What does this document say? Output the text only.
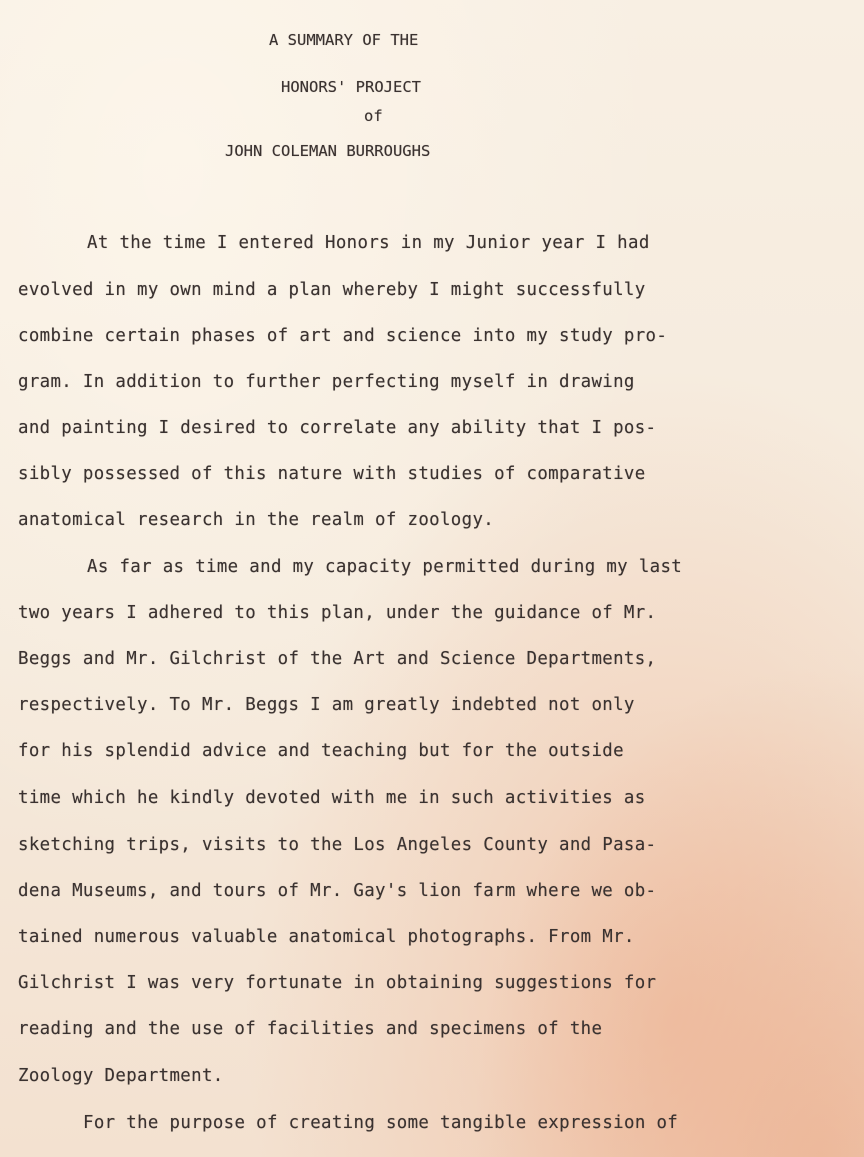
A SUMMARY OF THE
HONORS' PROJECT
of
JOHN COLEMAN BURROUGHS
At the time I entered Honors in my Junior year I had
evolved in my own mind a plan whereby I might successfully
combine certain phases of art and science into my study pro-
gram. In addition to further perfecting myself in drawing
and painting I desired to correlate any ability that I pos-
sibly possessed of this nature with studies of comparative
anatomical research in the realm of zoology.
As far as time and my capacity permitted during my last
two years I adhered to this plan, under the guidance of Mr.
Beggs and Mr. Gilchrist of the Art and Science Departments,
respectively. To Mr. Beggs I am greatly indebted not only
for his splendid advice and teaching but for the outside
time which he kindly devoted with me in such activities as
sketching trips, visits to the Los Angeles County and Pasa-
dena Museums, and tours of Mr. Gay's lion farm where we ob-
tained numerous valuable anatomical photographs. From Mr.
Gilchrist I was very fortunate in obtaining suggestions for
reading and the use of facilities and specimens of the
Zoology Department.
For the purpose of creating some tangible expression of
